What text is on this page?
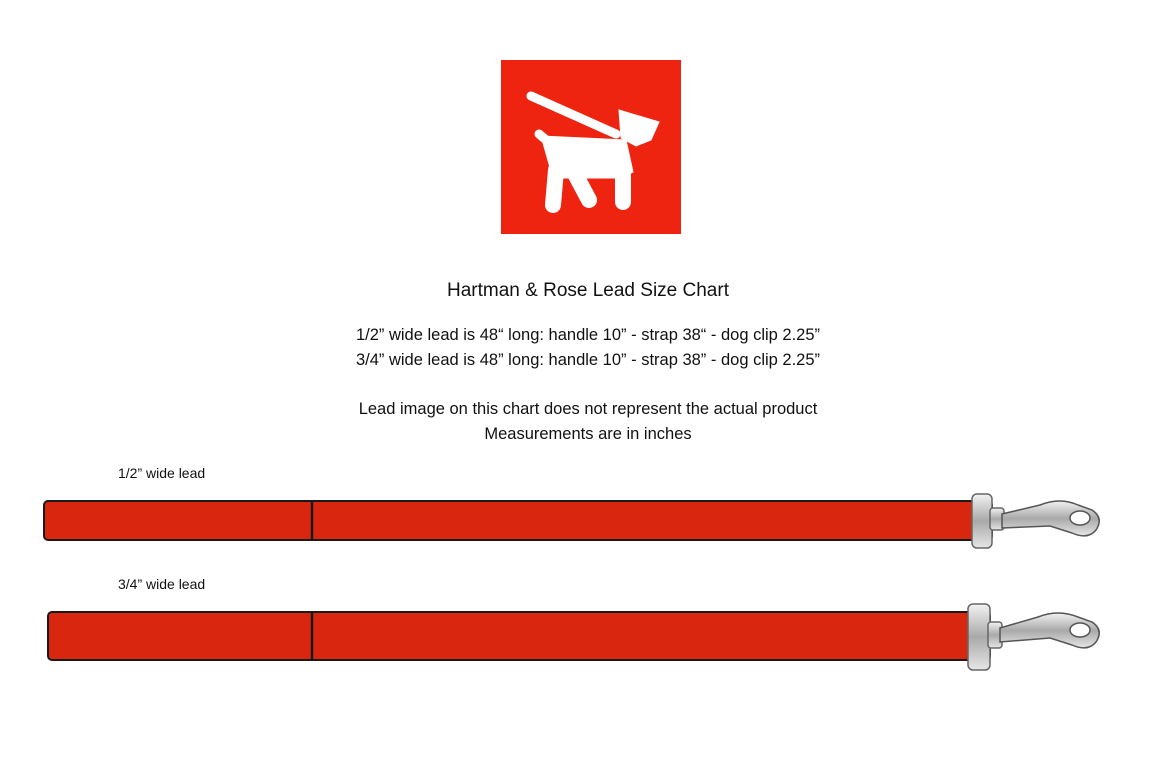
Hartman & Rose Lead Size Chart
1/2” wide lead is 48“ long: handle 10” - strap 38“ - dog clip 2.25”
3/4” wide lead is 48” long: handle 10” - strap 38” - dog clip 2.25”
Lead image on this chart does not represent the actual product
Measurements are in inches
1/2” wide lead
3/4” wide lead
